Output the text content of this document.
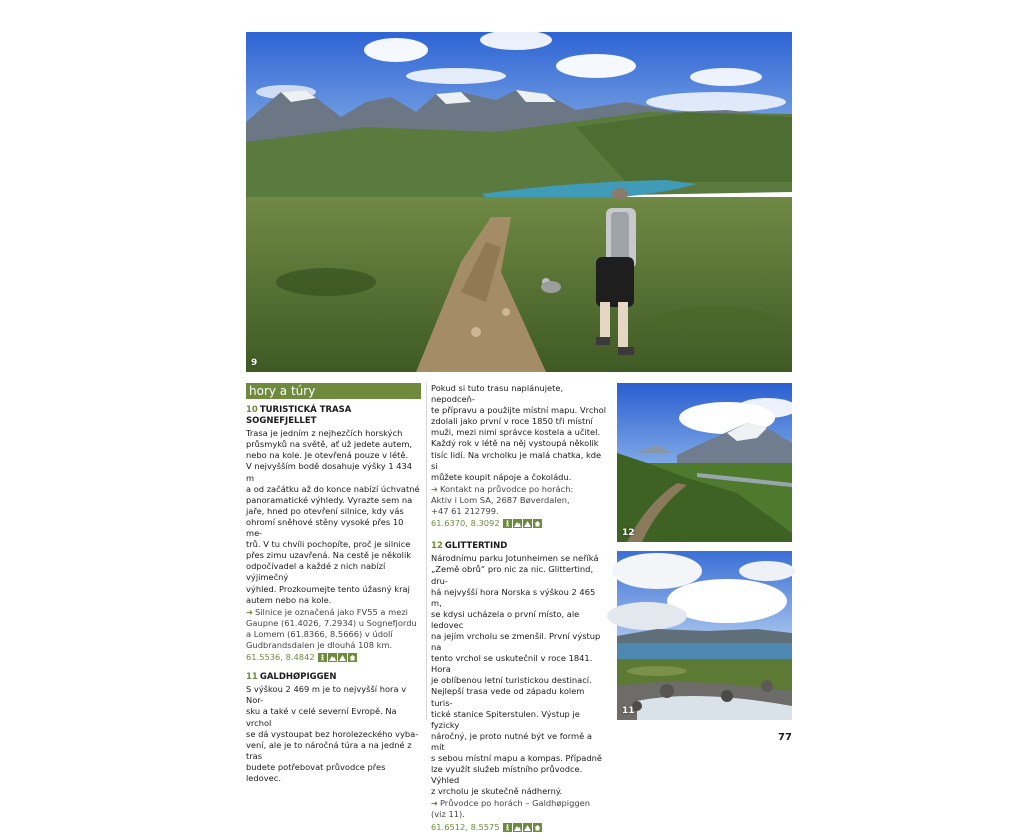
9
12
11
hory a túry
10 TURISTICKÁ TRASA SOGNEFJELLET
Trasa je jedním z nejhezčích horských
průsmyků na světě, ať už jedete autem,
nebo na kole. Je otevřená pouze v létě.
V nejvyšším bodě dosahuje výšky 1 434 m
a od začátku až do konce nabízí úchvatné
panoramatické výhledy. Vyrazte sem na
jaře, hned po otevření silnice, kdy vás
ohromí sněhové stěny vysoké přes 10 me-
trů. V tu chvíli pochopíte, proč je silnice
přes zimu uzavřená. Na cestě je několik
odpočívadel a každé z nich nabízí výjimečný
výhled. Prozkoumejte tento úžasný kraj
autem nebo na kole.
➜ Silnice je označená jako FV55 a mezi
Gaupne (61.4026, 7.2934) u Sognefjordu
a Lomem (61.8366, 8.5666) v údolí
Gudbrandsdalen je dlouhá 108 km.
61.5536, 8.4842
11 GALDHØPIGGEN
S výškou 2 469 m je to nejvyšší hora v Nor-
sku a také v celé severní Evropě. Na vrchol
se dá vystoupat bez horolezeckého vyba-
vení, ale je to náročná túra a na jedné z tras
budete potřebovat průvodce přes ledovec.
Pokud si tuto trasu naplánujete, nepodceň-
te přípravu a použijte místní mapu. Vrchol
zdolali jako první v roce 1850 tři místní
muži, mezi nimi správce kostela a učitel.
Každý rok v létě na něj vystoupá několik
tisíc lidí. Na vrcholku je malá chatka, kde si
můžete koupit nápoje a čokoládu.
➜ Kontakt na průvodce po horách:
Aktiv i Lom SA, 2687 Bøverdalen,
+47 61 212799.
61.6370, 8.3092
12 GLITTERTIND
Národnímu parku Jotunheimen se neříká
„Země obrů“ pro nic za nic. Glittertind, dru-
há nejvyšší hora Norska s výškou 2 465 m,
se kdysi ucházela o první místo, ale ledovec
na jejím vrcholu se zmenšil. První výstup na
tento vrchol se uskutečnil v roce 1841. Hora
je oblíbenou letní turistickou destinací.
Nejlepší trasa vede od západu kolem turis-
tické stanice Spiterstulen. Výstup je fyzicky
náročný, je proto nutné být ve formě a mít
s sebou místní mapu a kompas. Případně
lze využít služeb místního průvodce. Výhled
z vrcholu je skutečně nádherný.
➜ Průvodce po horách – Galdhøpiggen
(viz 11).
61.6512, 8.5575
77
